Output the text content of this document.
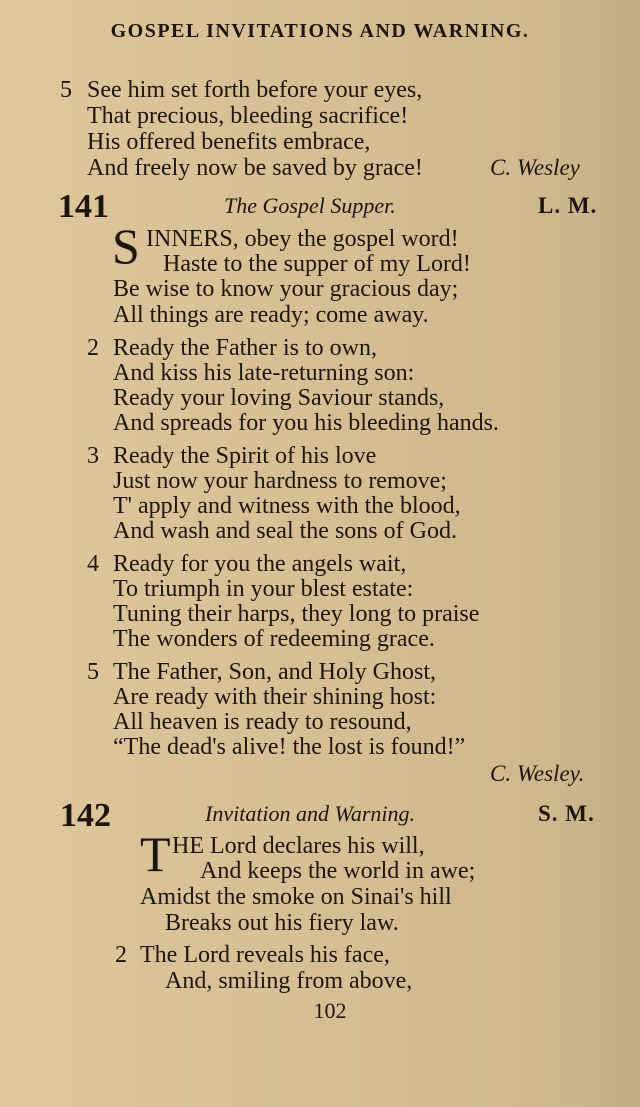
GOSPEL INVITATIONS AND WARNING.
5 See him set forth before your eyes,
That precious, bleeding sacrifice!
His offered benefits embrace,
And freely now be saved by grace!	C. Wesley
141	The Gospel Supper.	L. M.
S INNERS, obey the gospel word!
Haste to the supper of my Lord!
Be wise to know your gracious day;
All things are ready; come away.
2 Ready the Father is to own,
And kiss his late-returning son:
Ready your loving Saviour stands,
And spreads for you his bleeding hands.
3 Ready the Spirit of his love
Just now your hardness to remove;
T' apply and witness with the blood,
And wash and seal the sons of God.
4 Ready for you the angels wait,
To triumph in your blest estate:
Tuning their harps, they long to praise
The wonders of redeeming grace.
5 The Father, Son, and Holy Ghost,
Are ready with their shining host:
All heaven is ready to resound,
“The dead's alive! the lost is found!”
C. Wesley.
142	Invitation and Warning.	S. M.
T HE Lord declares his will,
And keeps the world in awe;
Amidst the smoke on Sinai's hill
Breaks out his fiery law.
2 The Lord reveals his face,
And, smiling from above,
102
